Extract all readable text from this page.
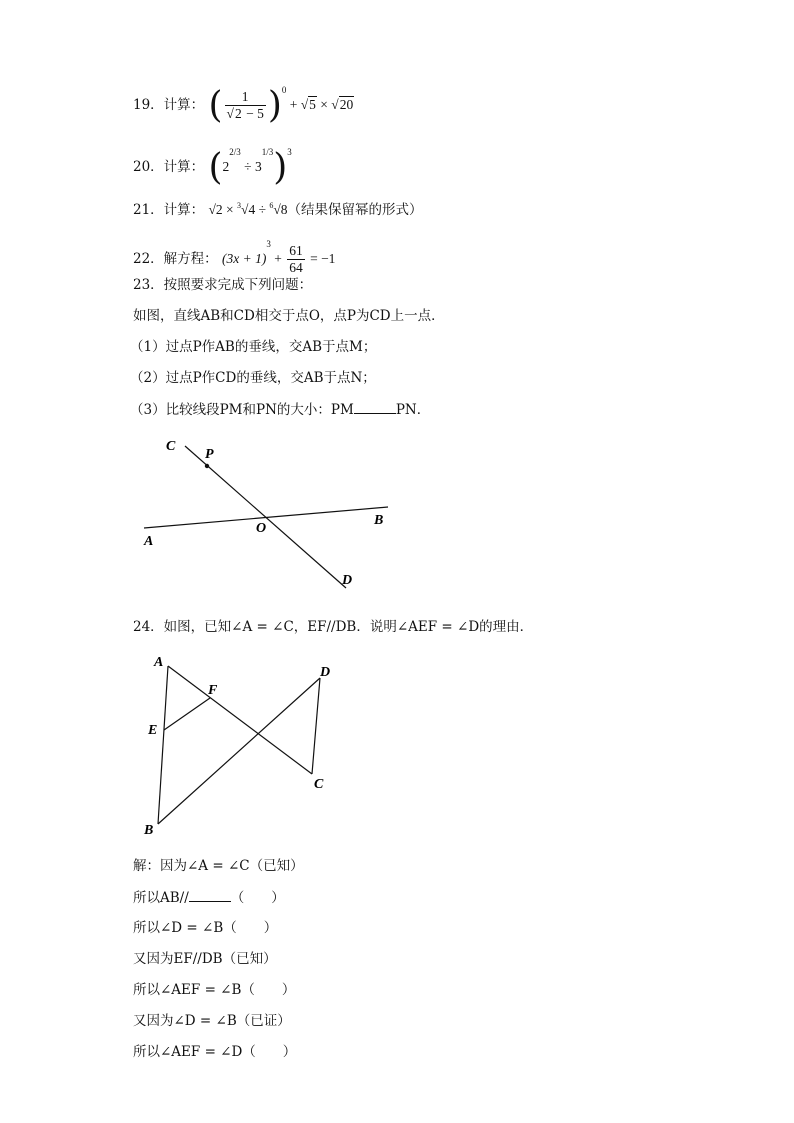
19．计算： ( $\frac{1}{√2 - 5} )^0 + √5 \times √20$
20．计算： $(2^{2/3} \div 3^{1/3})^3$
21．计算： √2 × $^3$√4 ÷ $^6$√8（结果保留幂的形式）
22．解方程： $(3x + 1)^3 + \frac{61}{64} = -1$
23．按照要求完成下列问题：
如图，直线AB和CD相交于点O，点P为CD上一点．
（1）过点P作AB的垂线，交AB于点M；
（2）过点P作CD的垂线，交AB于点N；
（3）比较线段PM和PN的大小：PM	PN．
C
P
O
B
A
D
24．如图，已知∠A = ∠C，EF//DB．说明∠AEF = ∠D的理由．
A
F
D
E
C
B
解：因为∠A = ∠C（已知）
所以AB//	（　　）
所以∠D = ∠B（　　）
又因为EF//DB（已知）
所以∠AEF = ∠B（　　）
又因为∠D = ∠B（已证）
所以∠AEF = ∠D（　　）
